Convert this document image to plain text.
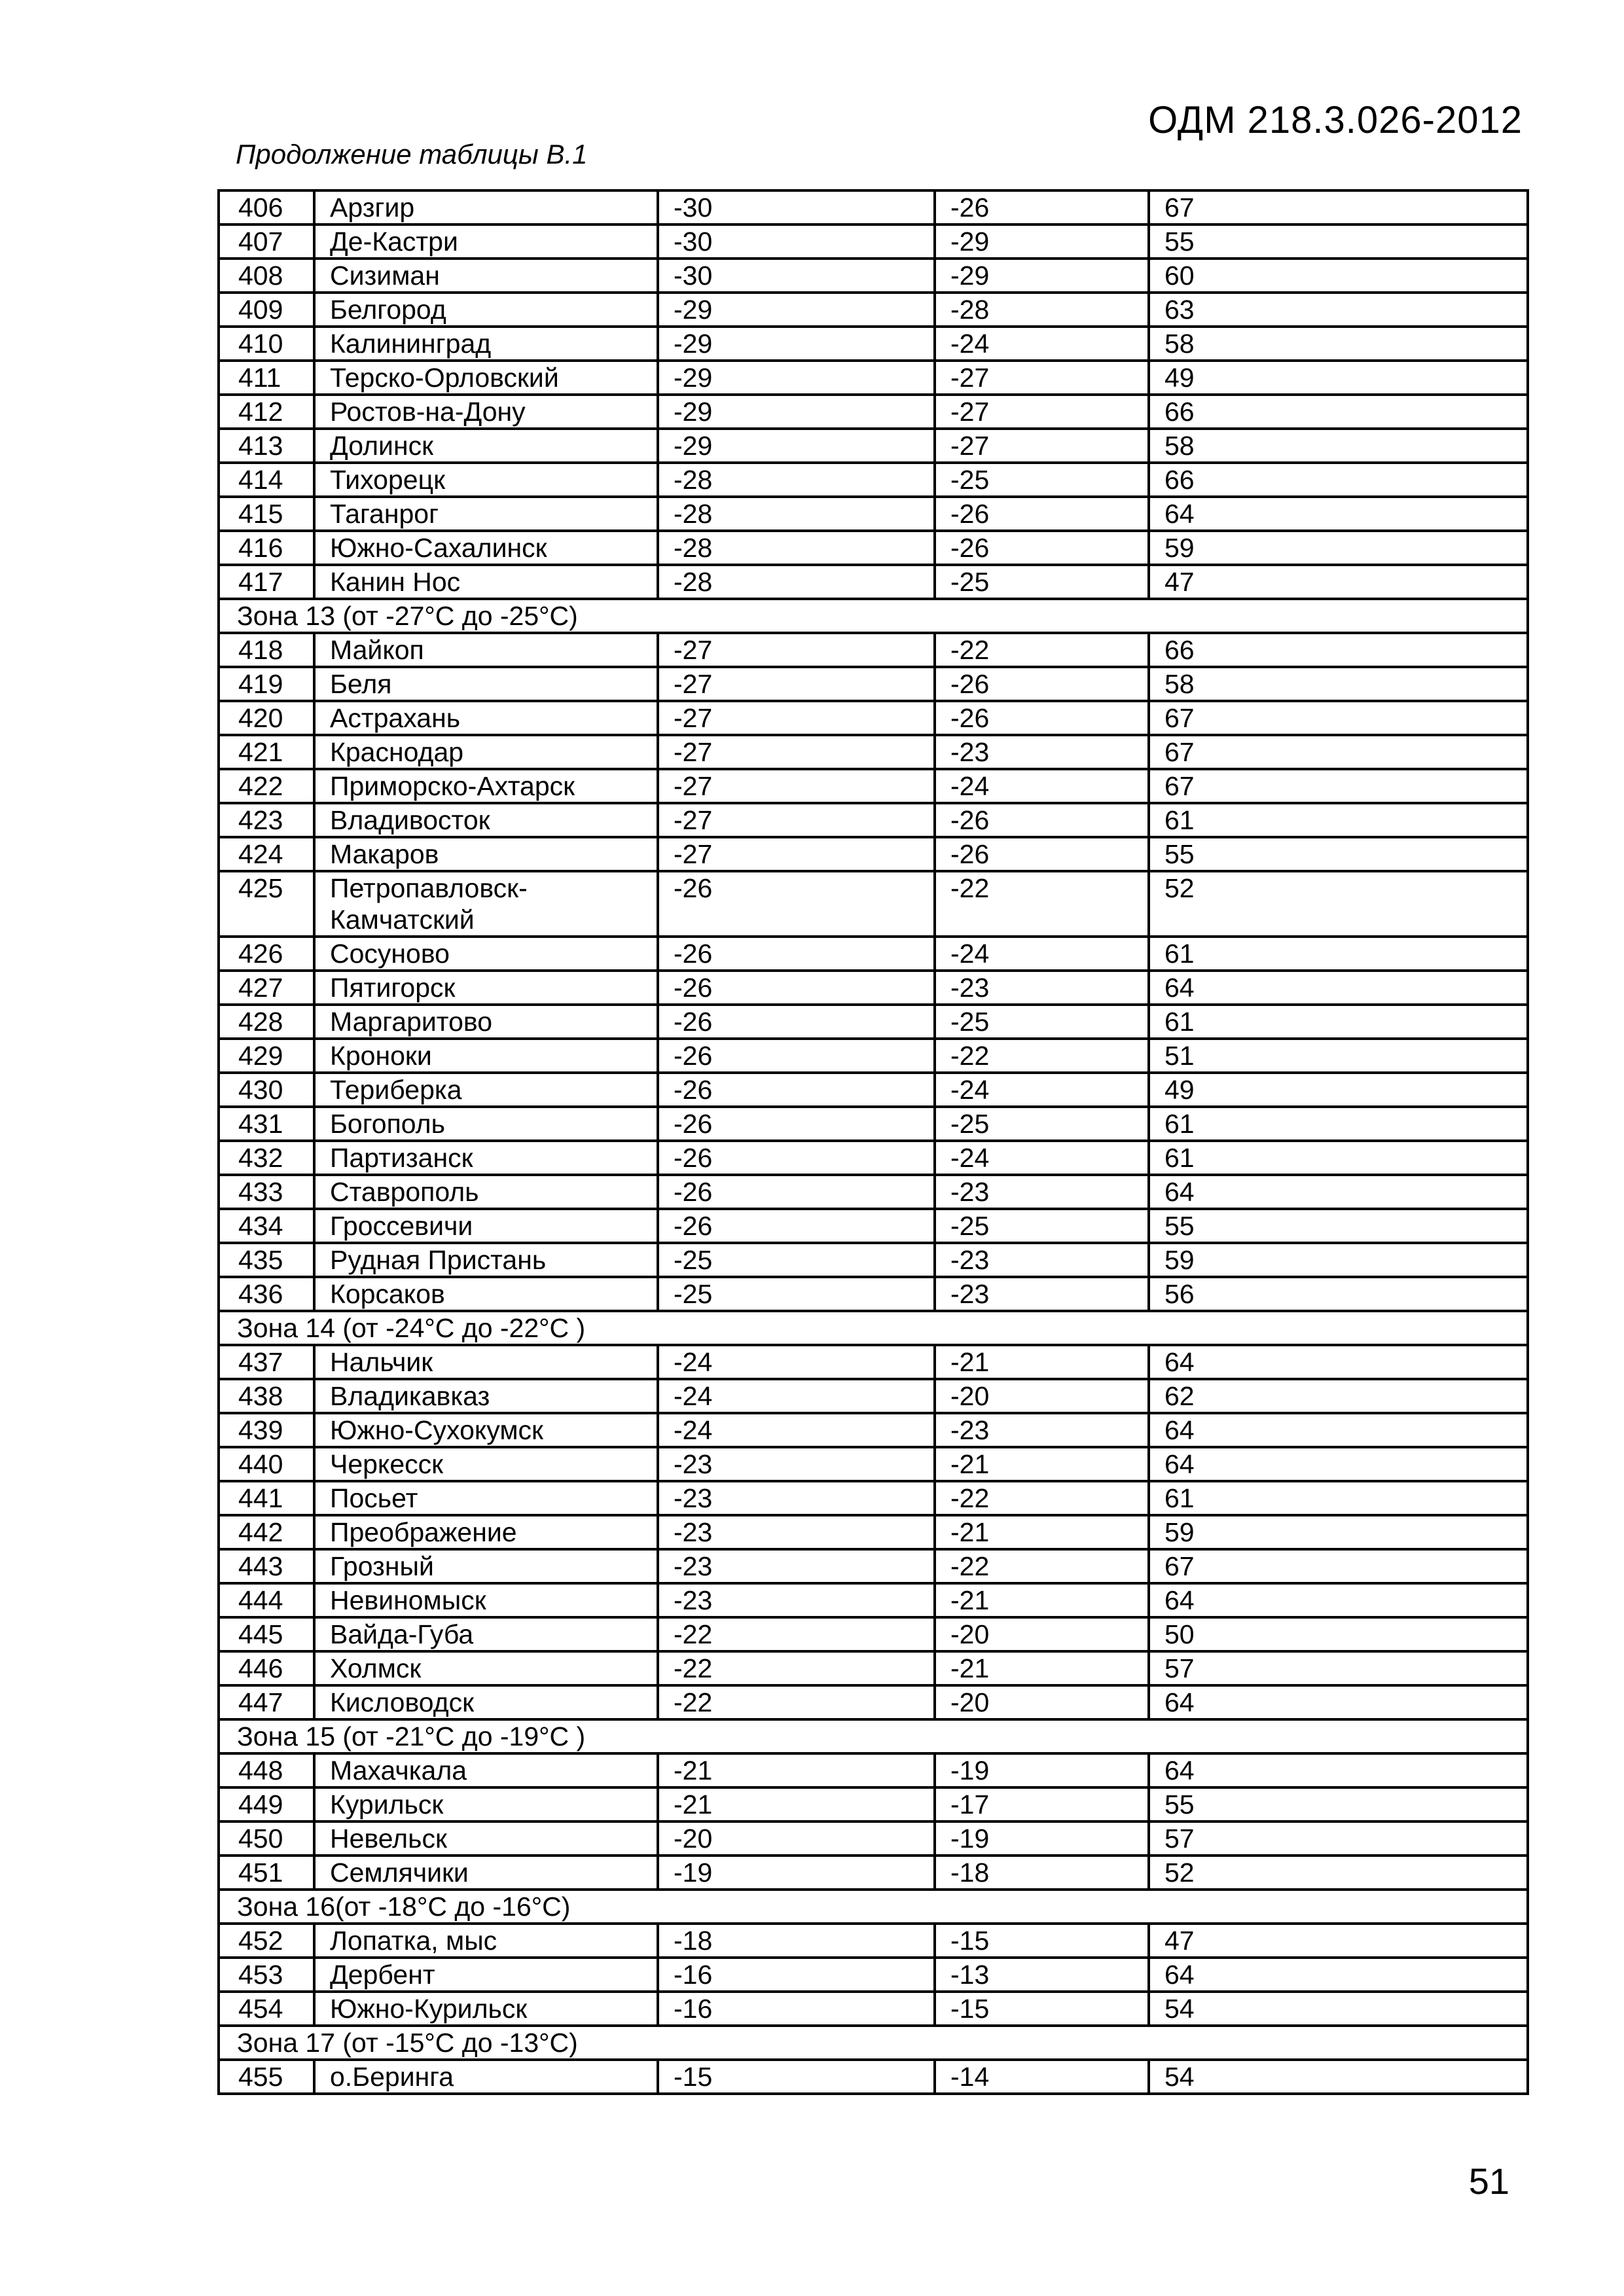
ОДМ 218.3.026-2012
Продолжение таблицы В.1
406	Арзгир	-30	-26	67
407	Де-Кастри	-30	-29	55
408	Сизиман	-30	-29	60
409	Белгород	-29	-28	63
410	Калининград	-29	-24	58
411	Терско-Орловский	-29	-27	49
412	Ростов-на-Дону	-29	-27	66
413	Долинск	-29	-27	58
414	Тихорецк	-28	-25	66
415	Таганрог	-28	-26	64
416	Южно-Сахалинск	-28	-26	59
417	Канин Нос	-28	-25	47
Зона 13 (от -27°С до -25°С)				
418	Майкоп	-27	-22	66
419	Беля	-27	-26	58
420	Астрахань	-27	-26	67
421	Краснодар	-27	-23	67
422	Приморско-Ахтарск	-27	-24	67
423	Владивосток	-27	-26	61
424	Макаров	-27	-26	55
425	Петропавловск-Камчатский	-26	-22	52
426	Сосуново	-26	-24	61
427	Пятигорск	-26	-23	64
428	Маргаритово	-26	-25	61
429	Кроноки	-26	-22	51
430	Териберка	-26	-24	49
431	Богополь	-26	-25	61
432	Партизанск	-26	-24	61
433	Ставрополь	-26	-23	64
434	Гроссевичи	-26	-25	55
435	Рудная Пристань	-25	-23	59
436	Корсаков	-25	-23	56
Зона 14 (от -24°С до -22°С )				
437	Нальчик	-24	-21	64
438	Владикавказ	-24	-20	62
439	Южно-Сухокумск	-24	-23	64
440	Черкесск	-23	-21	64
441	Посьет	-23	-22	61
442	Преображение	-23	-21	59
443	Грозный	-23	-22	67
444	Невиномыск	-23	-21	64
445	Вайда-Губа	-22	-20	50
446	Холмск	-22	-21	57
447	Кисловодск	-22	-20	64
Зона 15 (от -21°С до -19°С )				
448	Махачкала	-21	-19	64
449	Курильск	-21	-17	55
450	Невельск	-20	-19	57
451	Семлячики	-19	-18	52
Зона 16(от -18°С до -16°С)				
452	Лопатка, мыс	-18	-15	47
453	Дербент	-16	-13	64
454	Южно-Курильск	-16	-15	54
Зона 17 (от -15°С до -13°С)				
455	о.Беринга	-15	-14	54
51
